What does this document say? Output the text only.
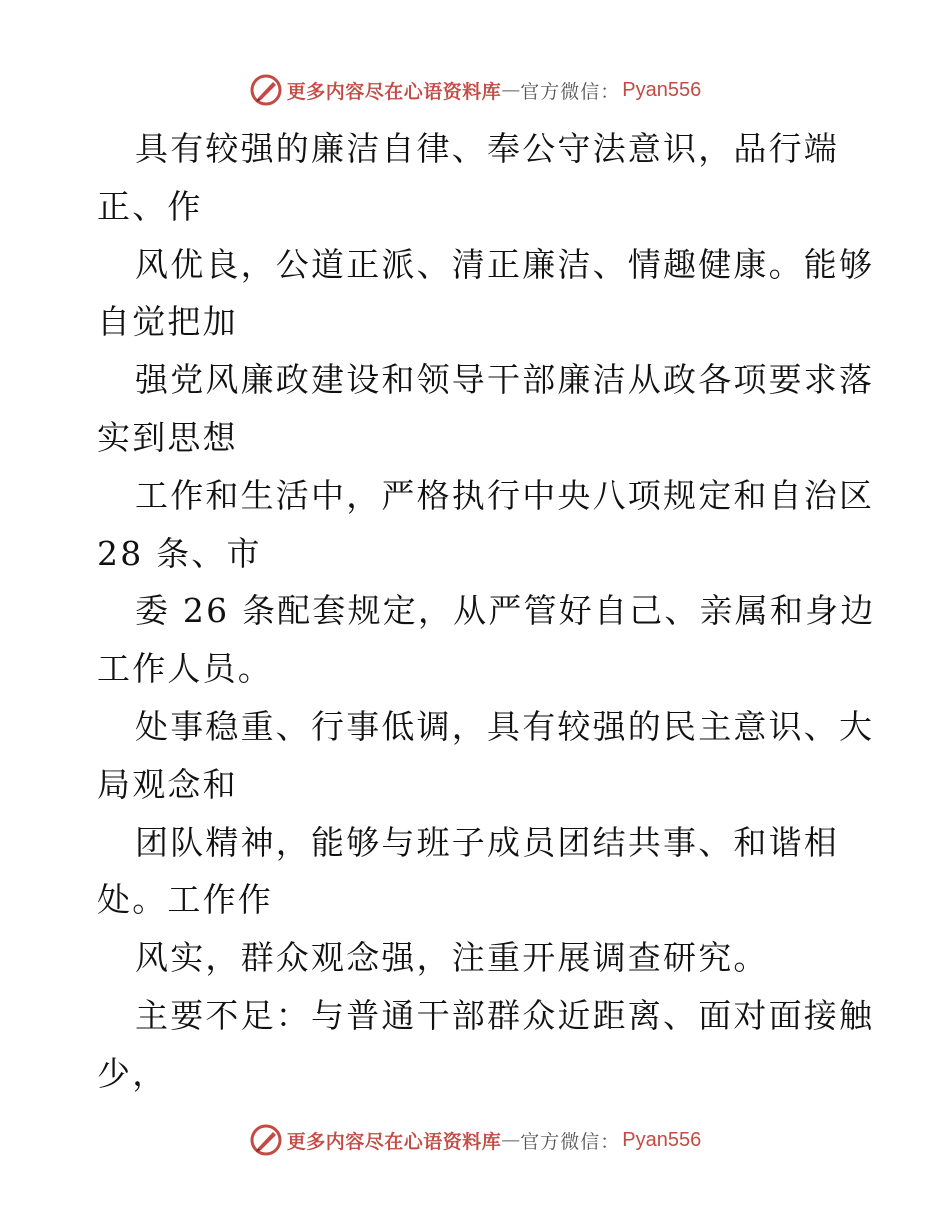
更多内容尽在心语资料库 — 官方微信： Pyan556
具有较强的廉洁自律、奉公守法意识，品行端
正、作
风优良，公道正派、清正廉洁、情趣健康。能够
自觉把加
强党风廉政建设和领导干部廉洁从政各项要求落
实到思想
工作和生活中，严格执行中央八项规定和自治区
28 条、市
委 26 条配套规定，从严管好自己、亲属和身边
工作人员。
处事稳重、行事低调，具有较强的民主意识、大
局观念和
团队精神，能够与班子成员团结共事、和谐相
处。工作作
风实，群众观念强，注重开展调查研究。
主要不足：与普通干部群众近距离、面对面接触
少，
更多内容尽在心语资料库 — 官方微信： Pyan556
